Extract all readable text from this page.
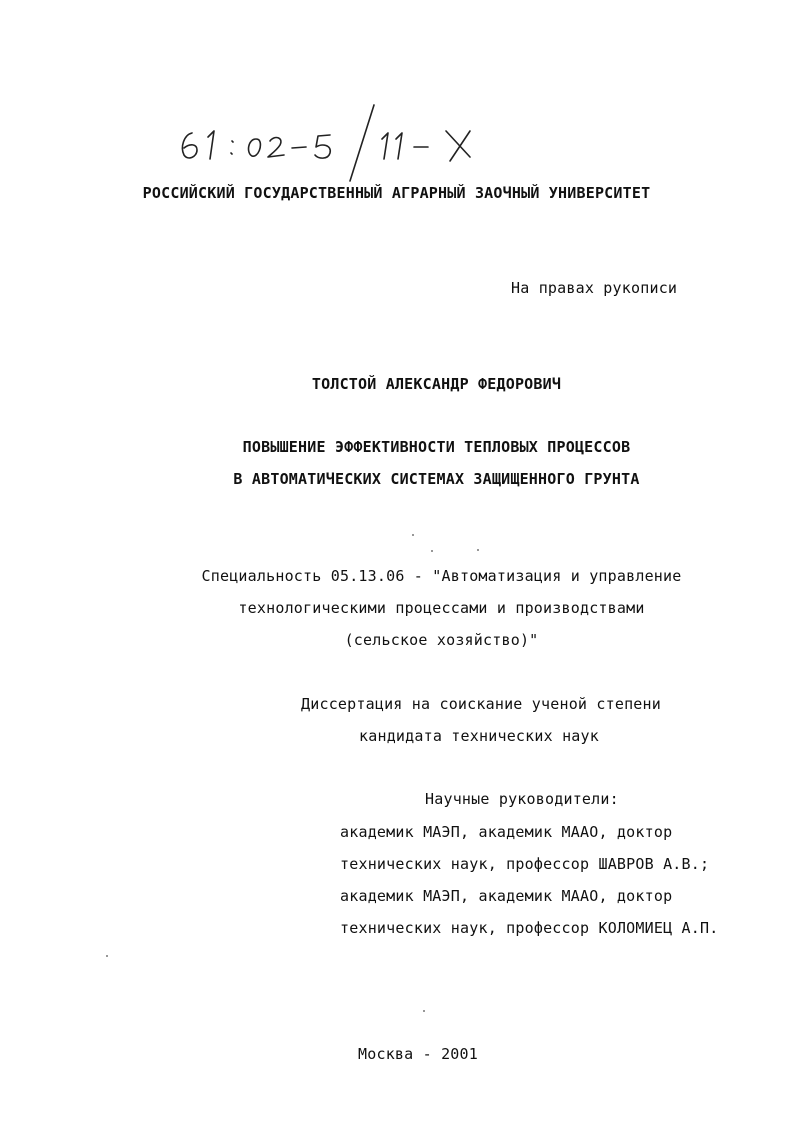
РОССИЙСКИЙ ГОСУДАРСТВЕННЫЙ АГРАРНЫЙ ЗАОЧНЫЙ УНИВЕРСИТЕТ
На правах рукописи
ТОЛСТОЙ АЛЕКСАНДР ФЕДОРОВИЧ
ПОВЫШЕНИЕ ЭФФЕКТИВНОСТИ ТЕПЛОВЫХ ПРОЦЕССОВ
В АВТОМАТИЧЕСКИХ СИСТЕМАХ ЗАЩИЩЕННОГО ГРУНТА
Специальность 05.13.06 - "Автоматизация и управление
технологическими процессами и производствами
(сельское хозяйство)"
Диссертация на соискание ученой степени
кандидата технических наук
Научные руководители:
академик МАЭП, академик МААО, доктор
технических наук, профессор ШАВРОВ А.В.;
академик МАЭП, академик МААО, доктор
технических наук, профессор КОЛОМИЕЦ А.П.
Москва - 2001
